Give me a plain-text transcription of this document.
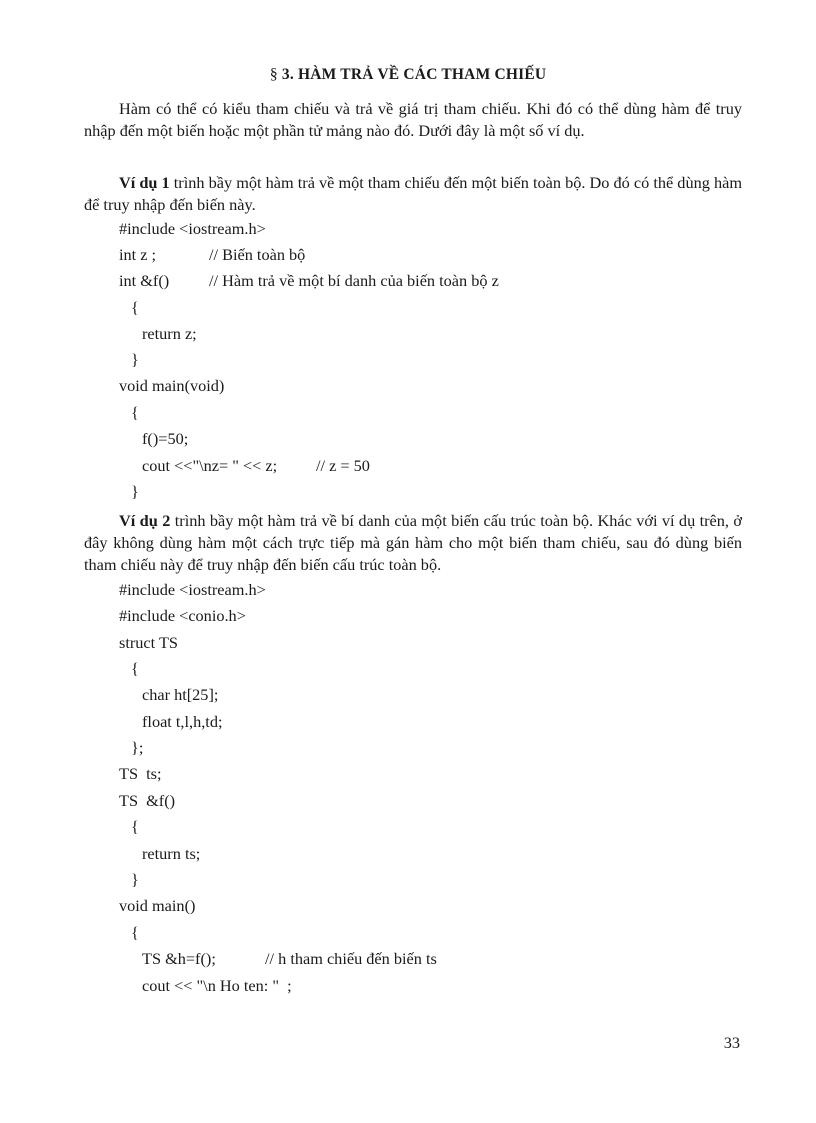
§ 3. HÀM TRẢ VỀ CÁC THAM CHIẾU

Hàm có thể có kiểu tham chiếu và trả về giá trị tham chiếu. Khi đó có thể dùng hàm để truy nhập đến một biến hoặc một phần tử mảng nào đó. Dưới đây là một số ví dụ.

Ví dụ 1 trình bầy một hàm trả về một tham chiếu đến một biến toàn bộ. Do đó có thể dùng hàm để truy nhập đến biến này.

#include <iostream.h>
int z ;	// Biến toàn bộ
int &f() // Hàm trả về một bí danh của biến toàn bộ z
{
return z;
}
void main(void)
{
f()=50;
cout <<"\nz= " << z; // z = 50
}

Ví dụ 2 trình bầy một hàm trả về bí danh của một biến cấu trúc toàn bộ. Khác với ví dụ trên, ở đây không dùng hàm một cách trực tiếp mà gán hàm cho một biến tham chiếu, sau đó dùng biến tham chiếu này để truy nhập đến biến cấu trúc toàn bộ.

#include <iostream.h>
#include <conio.h>
struct TS
{
char ht[25];
float t,l,h,td;
};
TS  ts;
TS  &f()
{
return ts;
}
void main()
{
TS &h=f();	// h tham chiếu đến biến ts
cout << "\n Ho ten: "  ;
33
